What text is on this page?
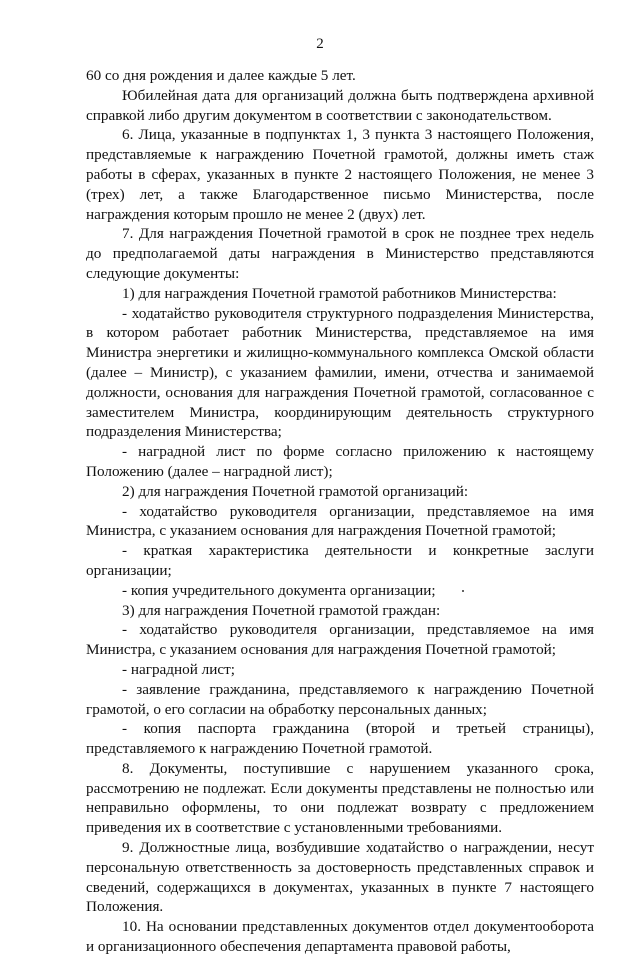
2

60 со дня рождения и далее каждые 5 лет.

Юбилейная дата для организаций должна быть подтверждена архивной справкой либо другим документом в соответствии с законодательством.

6. Лица, указанные в подпунктах 1, 3 пункта 3 настоящего Положения, представляемые к награждению Почетной грамотой, должны иметь стаж работы в сферах, указанных в пункте 2 настоящего Положения, не менее 3 (трех) лет, а также Благодарственное письмо Министерства, после награждения которым прошло не менее 2 (двух) лет.

7. Для награждения Почетной грамотой в срок не позднее трех недель до предполагаемой даты награждения в Министерство представляются следующие документы:

1) для награждения Почетной грамотой работников Министерства:

- ходатайство руководителя структурного подразделения Министерства, в котором работает работник Министерства, представляемое на имя Министра энергетики и жилищно-коммунального комплекса Омской области (далее – Министр), с указанием фамилии, имени, отчества и занимаемой должности, основания для награждения Почетной грамотой, согласованное с заместителем Министра, координирующим деятельность структурного подразделения Министерства;

- наградной лист по форме согласно приложению к настоящему Положению (далее – наградной лист);

2) для награждения Почетной грамотой организаций:

- ходатайство руководителя организации, представляемое на имя Министра, с указанием основания для награждения Почетной грамотой;

- краткая характеристика деятельности и конкретные заслуги организации;

- копия учредительного документа организации;

3) для награждения Почетной грамотой граждан:

- ходатайство руководителя организации, представляемое на имя Министра, с указанием основания для награждения Почетной грамотой;

- наградной лист;

- заявление гражданина, представляемого к награждению Почетной грамотой, о его согласии на обработку персональных данных;

- копия паспорта гражданина (второй и третьей страницы), представляемого к награждению Почетной грамотой.

8. Документы, поступившие с нарушением указанного срока, рассмотрению не подлежат. Если документы представлены не полностью или неправильно оформлены, то они подлежат возврату с предложением приведения их в соответствие с установленными требованиями.

9. Должностные лица, возбудившие ходатайство о награждении, несут персональную ответственность за достоверность представленных справок и сведений, содержащихся в документах, указанных в пункте 7 настоящего Положения.

10. На основании представленных документов отдел документооборота и организационного обеспечения департамента правовой работы,
